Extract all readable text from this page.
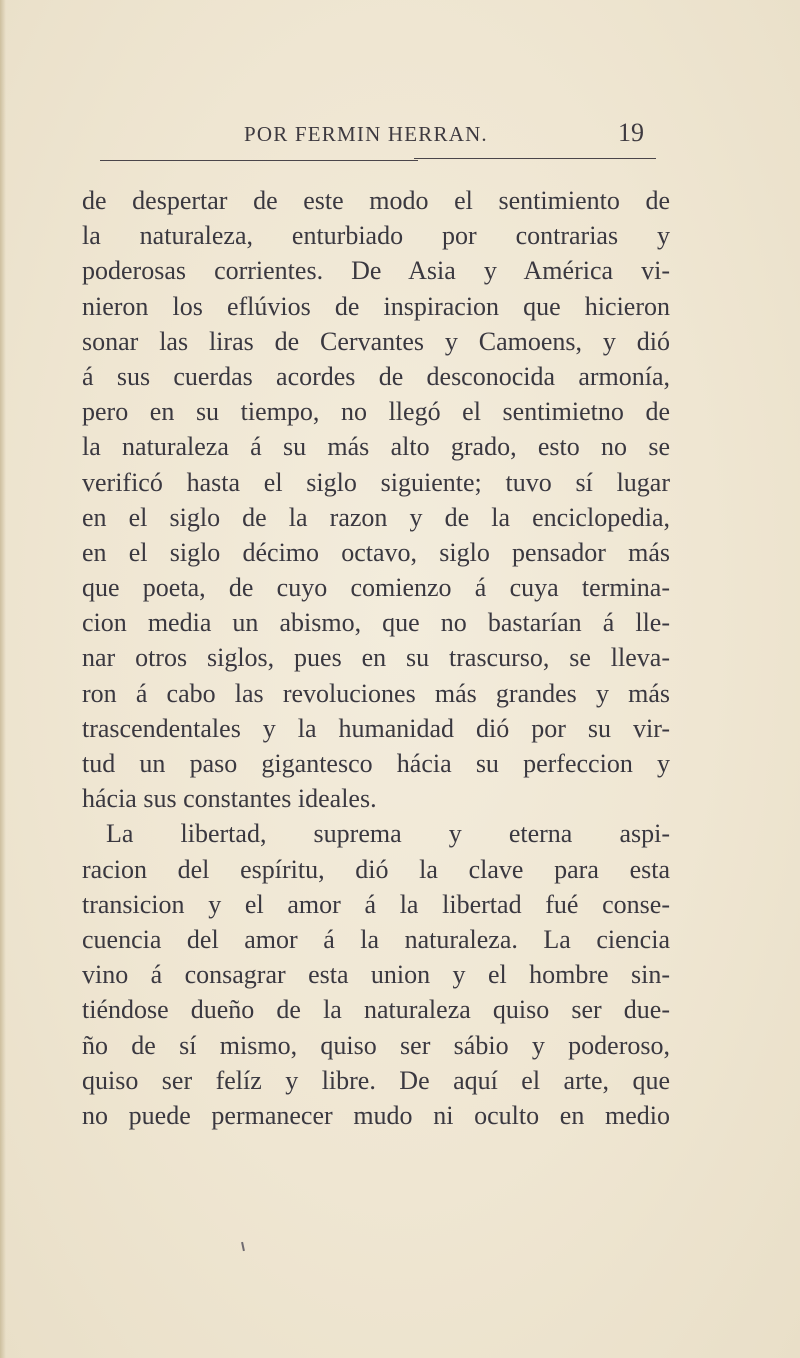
POR FERMIN HERRAN.	19
de despertar de este modo el sentimiento de
la naturaleza, enturbiado por contrarias y
poderosas corrientes. De Asia y América vi-
nieron los eflúvios de inspiracion que hicieron
sonar las liras de Cervantes y Camoens, y dió
á sus cuerdas acordes de desconocida armonía,
pero en su tiempo, no llegó el sentimietno de
la naturaleza á su más alto grado, esto no se
verificó hasta el siglo siguiente; tuvo sí lugar
en el siglo de la razon y de la enciclopedia,
en el siglo décimo octavo, siglo pensador más
que poeta, de cuyo comienzo á cuya termina-
cion media un abismo, que no bastarían á lle-
nar otros siglos, pues en su trascurso, se lleva-
ron á cabo las revoluciones más grandes y más
trascendentales y la humanidad dió por su vir-
tud un paso gigantesco hácia su perfeccion y
hácia sus constantes ideales.
La libertad, suprema y eterna aspi-
racion del espíritu, dió la clave para esta
transicion y el amor á la libertad fué conse-
cuencia del amor á la naturaleza. La ciencia
vino á consagrar esta union y el hombre sin-
tiéndose dueño de la naturaleza quiso ser due-
ño de sí mismo, quiso ser sábio y poderoso,
quiso ser felíz y libre. De aquí el arte, que
no puede permanecer mudo ni oculto en medio
